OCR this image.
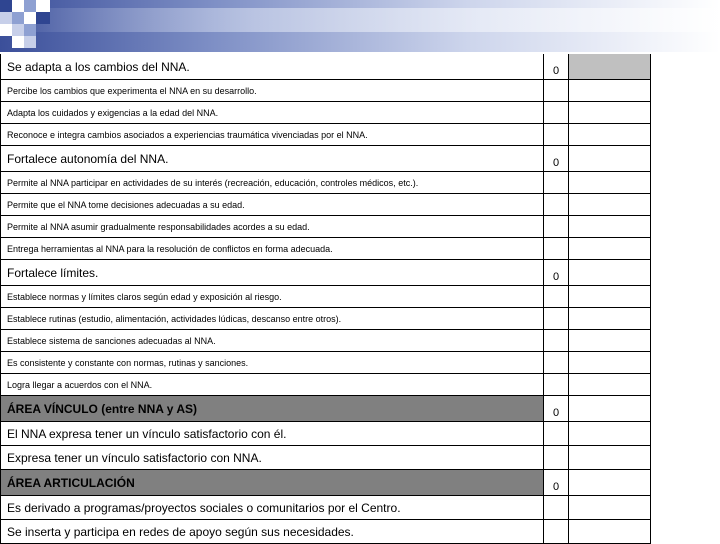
Se adapta a los cambios del NNA.	0
Percibe los cambios que experimenta el NNA en su desarrollo.
Adapta los cuidados y exigencias a la edad del NNA.
Reconoce e integra cambios asociados a experiencias traumática vivenciadas por el NNA.
Fortalece autonomía del NNA.	0
Permite al NNA participar en actividades de su interés (recreación, educación, controles médicos, etc.).
Permite que el NNA tome decisiones adecuadas a su edad.
Permite al NNA asumir gradualmente responsabilidades acordes a su edad.
Entrega herramientas al NNA para la resolución de conflictos en forma adecuada.
Fortalece límites.	0
Establece normas y límites claros según edad y exposición al riesgo.
Establece rutinas (estudio, alimentación, actividades lúdicas, descanso entre otros).
Establece sistema de sanciones adecuadas al NNA.
Es consistente y constante con normas, rutinas y sanciones.
Logra llegar a acuerdos con el NNA.
ÁREA VÍNCULO (entre NNA y AS)	0
El NNA expresa tener un vínculo satisfactorio con él.
Expresa tener un vínculo satisfactorio con NNA.
ÁREA ARTICULACIÓN	0
Es derivado a programas/proyectos sociales o comunitarios por el Centro.
Se inserta y participa en redes de apoyo según sus necesidades.
